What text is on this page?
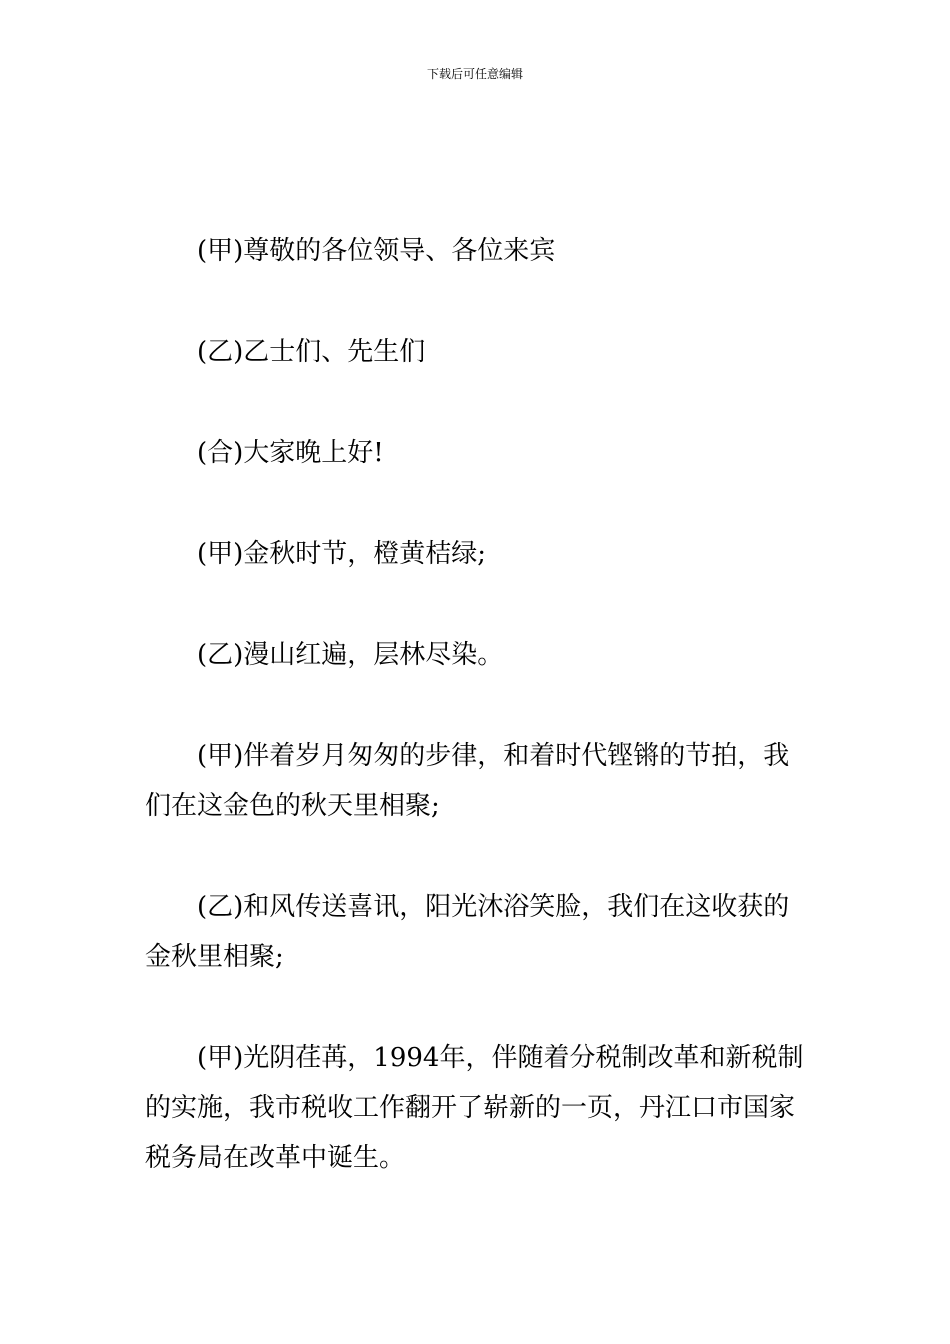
下载后可任意编辑

(甲)尊敬的各位领导、各位来宾

(乙)乙士们、先生们

(合)大家晚上好!

(甲)金秋时节，橙黄桔绿;

(乙)漫山红遍，层林尽染。

(甲)伴着岁月匆匆的步律，和着时代铿锵的节拍，我们在这金色的秋天里相聚;

(乙)和风传送喜讯，阳光沐浴笑脸，我们在这收获的金秋里相聚;

(甲)光阴荏苒，1994年，伴随着分税制改革和新税制的实施，我市税收工作翻开了崭新的一页，丹江口市国家税务局在改革中诞生。
